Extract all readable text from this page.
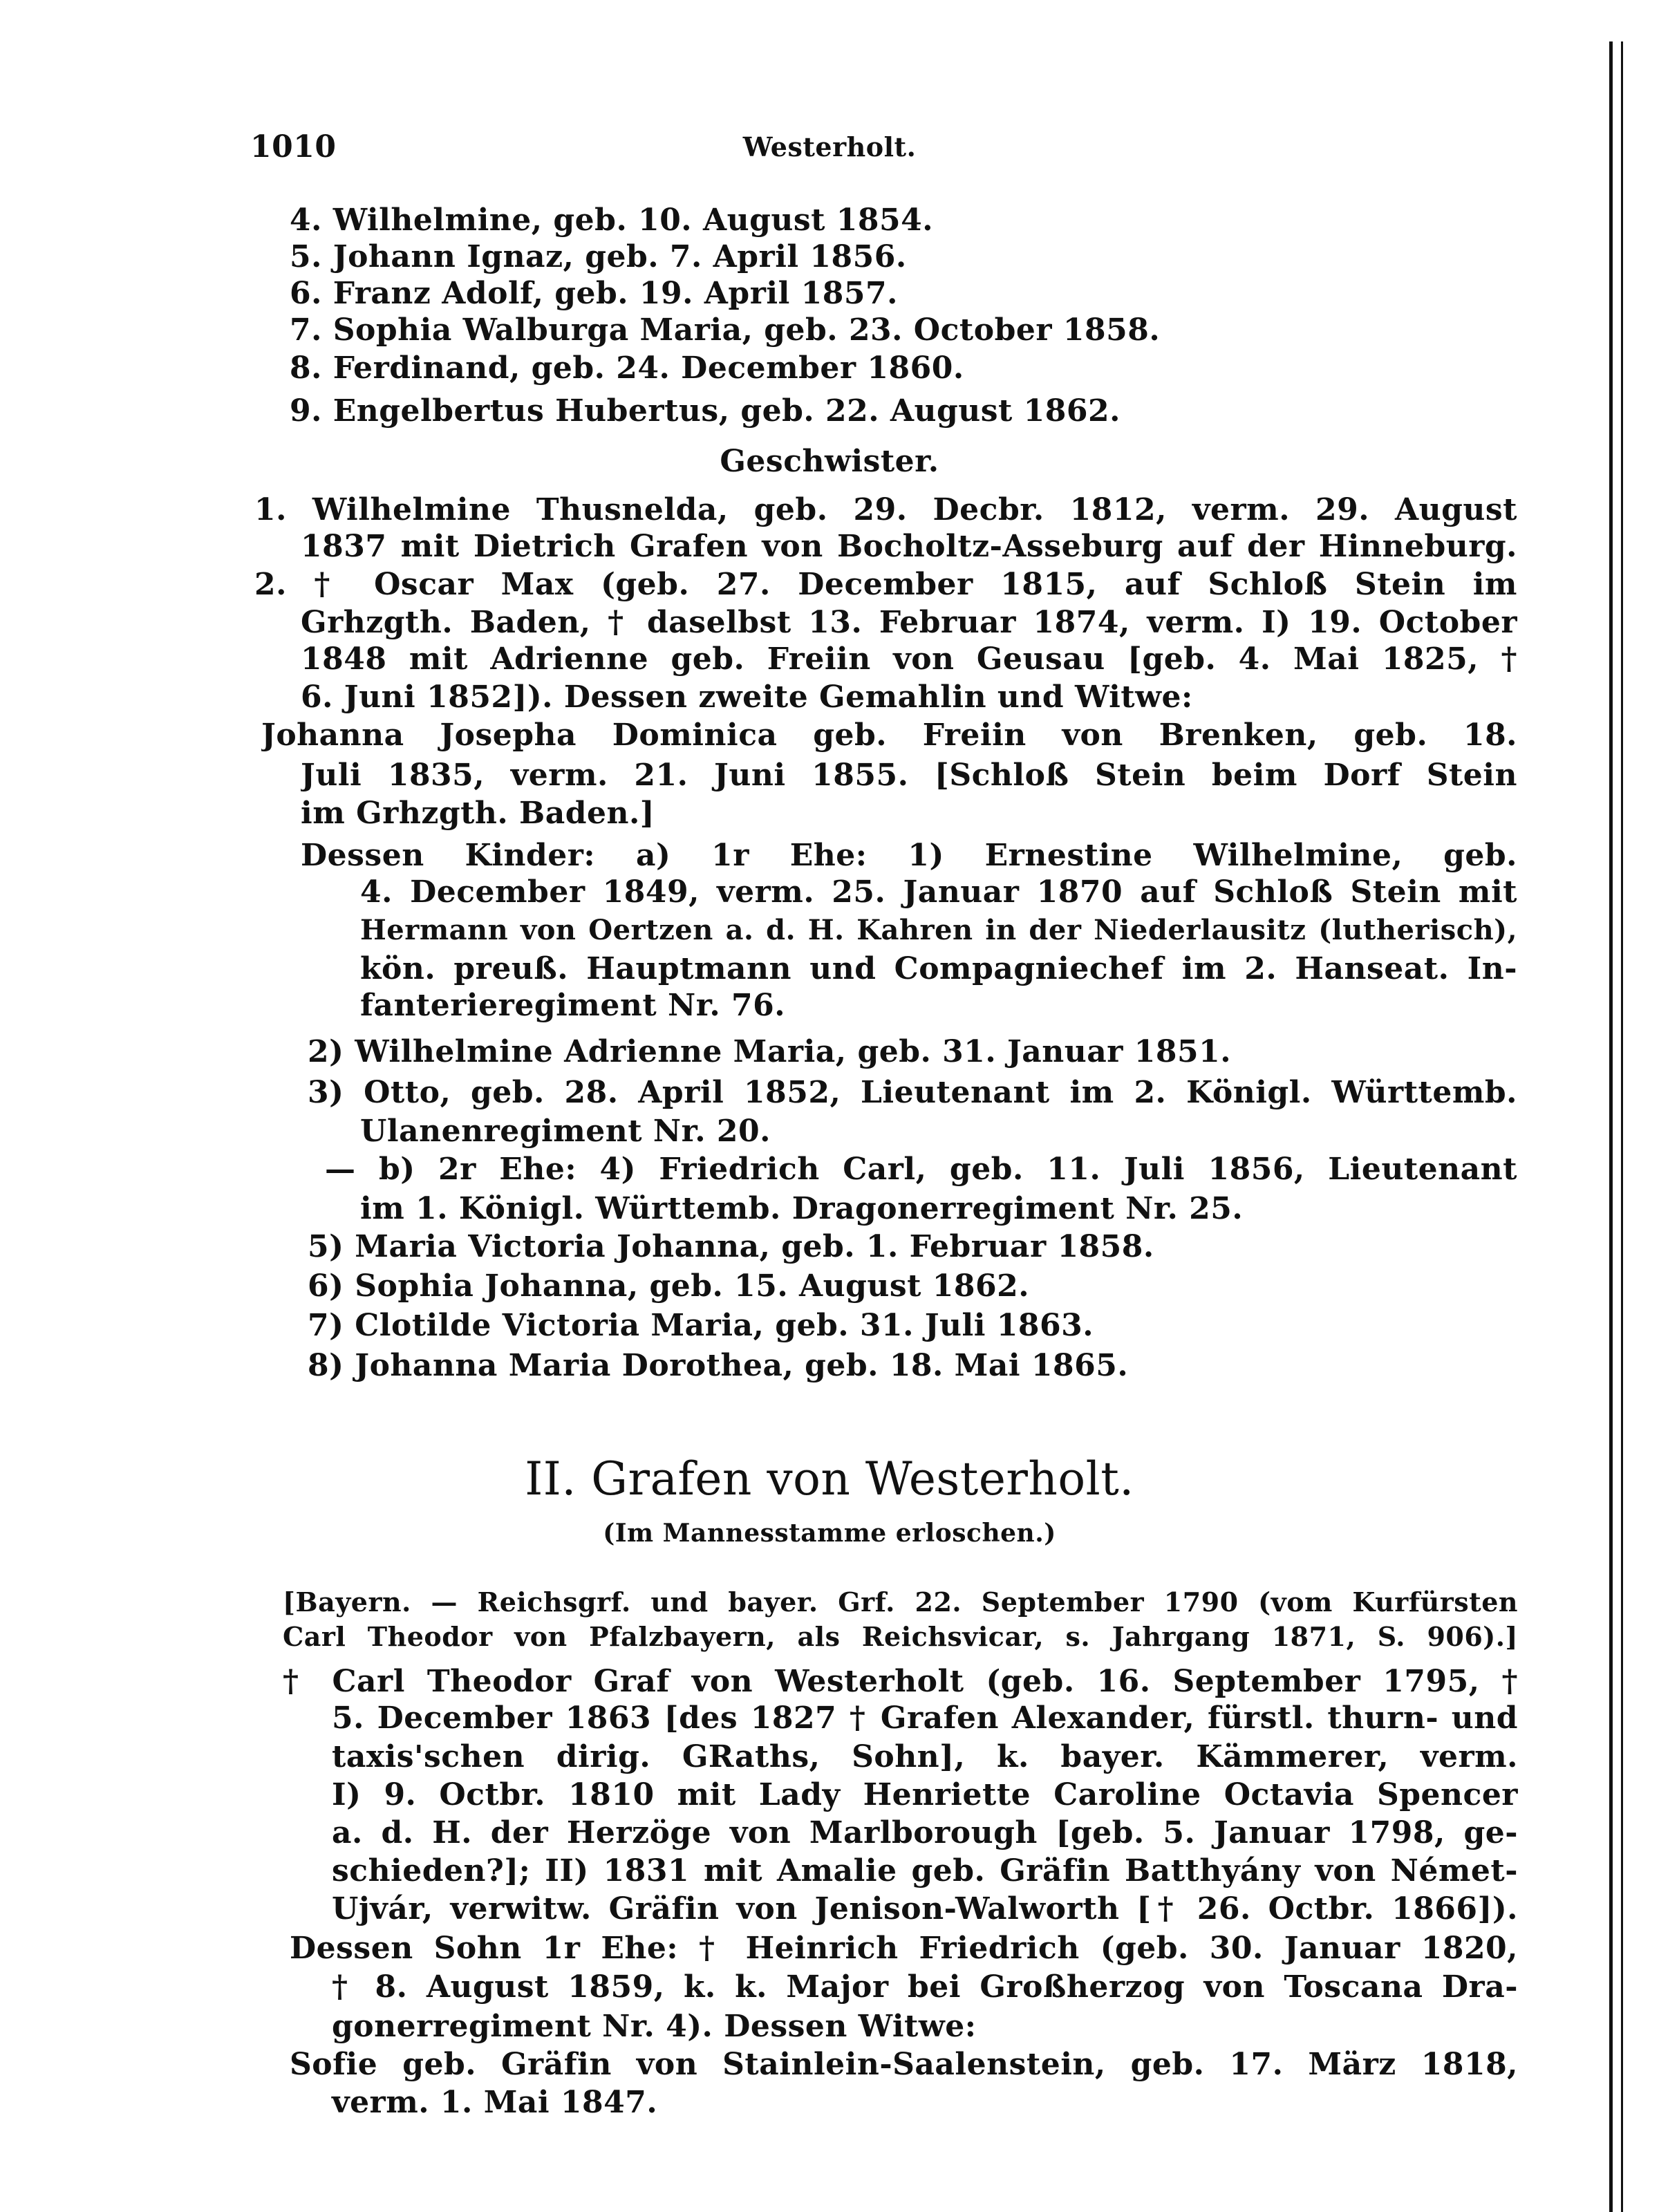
1010	Westerholt.
4. Wilhelmine, geb. 10. August 1854.
5. Johann Ignaz, geb. 7. April 1856.
6. Franz Adolf, geb. 19. April 1857.
7. Sophia Walburga Maria, geb. 23. October 1858.
8. Ferdinand, geb. 24. December 1860.
9. Engelbertus Hubertus, geb. 22. August 1862.
Geschwister.
1. Wilhelmine Thusnelda, geb. 29. Decbr. 1812, verm. 29. August
1837 mit Dietrich Grafen von Bocholtz-Asseburg auf der Hinneburg.
2. † Oscar Max (geb. 27. December 1815, auf Schloß Stein im
Grhzgth. Baden, † daselbst 13. Februar 1874, verm. I) 19. October
1848 mit Adrienne geb. Freiin von Geusau [geb. 4. Mai 1825, †
6. Juni 1852]). Dessen zweite Gemahlin und Witwe:
Johanna Josepha Dominica geb. Freiin von Brenken, geb. 18.
Juli 1835, verm. 21. Juni 1855. [Schloß Stein beim Dorf Stein
im Grhzgth. Baden.]
Dessen Kinder: a) 1r Ehe: 1) Ernestine Wilhelmine, geb.
4. December 1849, verm. 25. Januar 1870 auf Schloß Stein mit
Hermann von Oertzen a. d. H. Kahren in der Niederlausitz (lutherisch),
kön. preuß. Hauptmann und Compagniechef im 2. Hanseat. In-
fanterieregiment Nr. 76.
2) Wilhelmine Adrienne Maria, geb. 31. Januar 1851.
3) Otto, geb. 28. April 1852, Lieutenant im 2. Königl. Württemb.
Ulanenregiment Nr. 20.
— b) 2r Ehe: 4) Friedrich Carl, geb. 11. Juli 1856, Lieutenant
im 1. Königl. Württemb. Dragonerregiment Nr. 25.
5) Maria Victoria Johanna, geb. 1. Februar 1858.
6) Sophia Johanna, geb. 15. August 1862.
7) Clotilde Victoria Maria, geb. 31. Juli 1863.
8) Johanna Maria Dorothea, geb. 18. Mai 1865.
II. Grafen von Westerholt.
(Im Mannesstamme erloschen.)
[Bayern. — Reichsgrf. und bayer. Grf. 22. September 1790 (vom Kurfürsten
Carl Theodor von Pfalzbayern, als Reichsvicar, s. Jahrgang 1871, S. 906).]
† Carl Theodor Graf von Westerholt (geb. 16. September 1795, †
5. December 1863 [des 1827 † Grafen Alexander, fürstl. thurn- und
taxis'schen dirig. GRaths, Sohn], k. bayer. Kämmerer, verm.
I) 9. Octbr. 1810 mit Lady Henriette Caroline Octavia Spencer
a. d. H. der Herzöge von Marlborough [geb. 5. Januar 1798, ge-
schieden?]; II) 1831 mit Amalie geb. Gräfin Batthyány von Német-
Ujvár, verwitw. Gräfin von Jenison-Walworth [† 26. Octbr. 1866]).
Dessen Sohn 1r Ehe: † Heinrich Friedrich (geb. 30. Januar 1820,
† 8. August 1859, k. k. Major bei Großherzog von Toscana Dra-
gonerregiment Nr. 4). Dessen Witwe:
Sofie geb. Gräfin von Stainlein-Saalenstein, geb. 17. März 1818,
verm. 1. Mai 1847.
